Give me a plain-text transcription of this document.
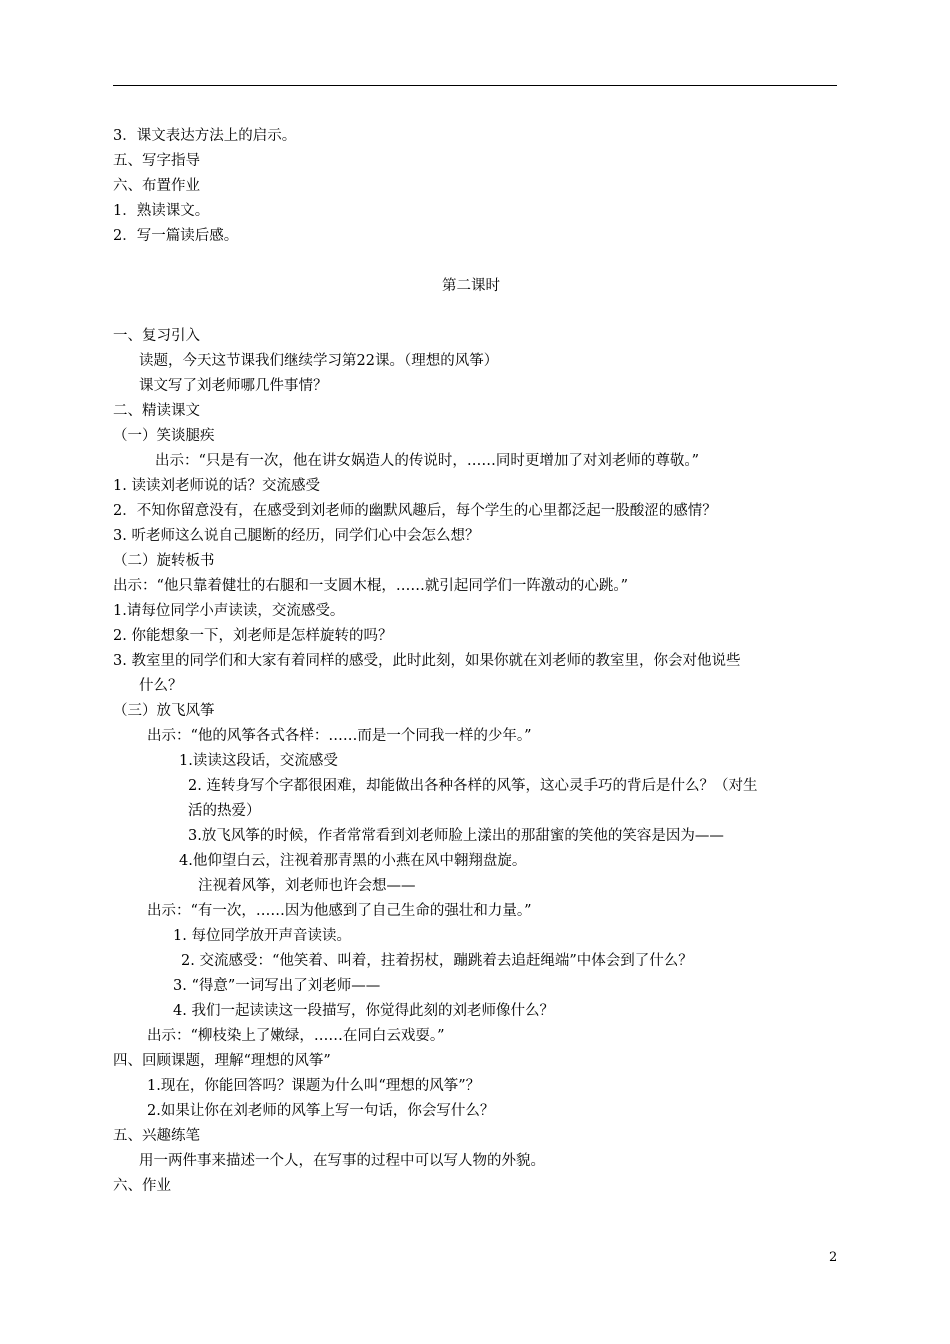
3．课文表达方法上的启示。
五、写字指导
六、布置作业
1．熟读课文。
2．写一篇读后感。
第二课时
一、复习引入
读题，今天这节课我们继续学习第22课。（理想的风筝）
课文写了刘老师哪几件事情？
二、精读课文
（一）笑谈腿疾
出示：“只是有一次，他在讲女娲造人的传说时，……同时更增加了对刘老师的尊敬。”
1. 读读刘老师说的话？交流感受
2．不知你留意没有，在感受到刘老师的幽默风趣后，每个学生的心里都泛起一股酸涩的感情？
3. 听老师这么说自己腿断的经历，同学们心中会怎么想？
（二）旋转板书
出示：“他只靠着健壮的右腿和一支圆木棍，……就引起同学们一阵激动的心跳。”
1.请每位同学小声读读，交流感受。
2. 你能想象一下，刘老师是怎样旋转的吗？
3. 教室里的同学们和大家有着同样的感受，此时此刻，如果你就在刘老师的教室里，你会对他说些
什么？
（三）放飞风筝
出示：“他的风筝各式各样：……而是一个同我一样的少年。”
1.读读这段话，交流感受
2. 连转身写个字都很困难，却能做出各种各样的风筝，这心灵手巧的背后是什么？（对生
活的热爱）
3.放飞风筝的时候，作者常常看到刘老师脸上漾出的那甜蜜的笑他的笑容是因为——
4.他仰望白云，注视着那青黑的小燕在风中翱翔盘旋。
注视着风筝，刘老师也许会想——
出示：“有一次，……因为他感到了自己生命的强壮和力量。”
1. 每位同学放开声音读读。
2. 交流感受：“他笑着、叫着，拄着拐杖，蹦跳着去追赶绳端”中体会到了什么？
3. “得意”一词写出了刘老师——
4. 我们一起读读这一段描写，你觉得此刻的刘老师像什么？
出示：“柳枝染上了嫩绿，……在同白云戏耍。”
四、回顾课题，理解“理想的风筝”
1.现在，你能回答吗？课题为什么叫“理想的风筝”？
2.如果让你在刘老师的风筝上写一句话，你会写什么？
五、兴趣练笔
用一两件事来描述一个人，在写事的过程中可以写人物的外貌。
六、作业
2
